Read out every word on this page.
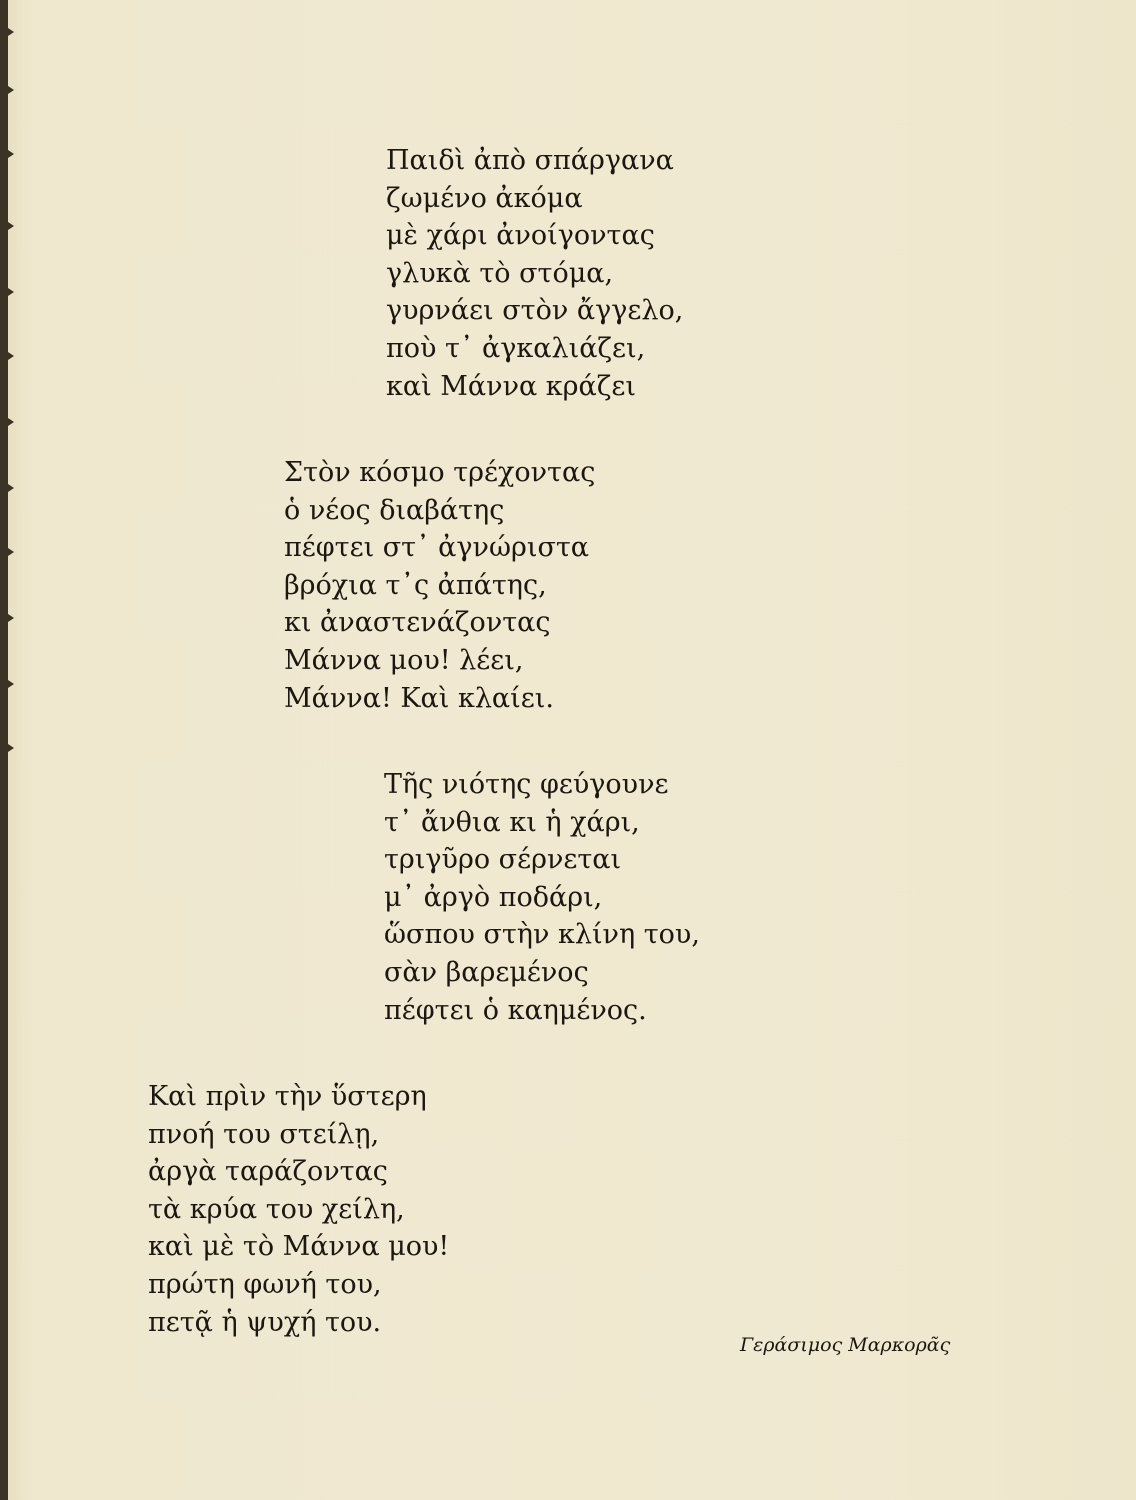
Παιδὶ ἀπὸ σπάργανα
ζωμένο ἀκόμα
μὲ χάρι ἀνοίγοντας
γλυκὰ τὸ στόμα,
γυρνάει στὸν ἄγγελο,
ποὺ τ᾽ ἀγκαλιάζει,
καὶ Μάννα κράζει
Στὸν κόσμο τρέχοντας
ὁ νέος διαβάτης
πέφτει στ᾽ ἀγνώριστα
βρόχια τ᾽ς ἀπάτης,
κι ἀναστενάζοντας
Μάννα μου! λέει,
Μάννα! Καὶ κλαίει.
Τῆς νιότης φεύγουνε
τ᾽ ἄνθια κι ἡ χάρι,
τριγῦρο σέρνεται
μ᾽ ἀργὸ ποδάρι,
ὥσπου στὴν κλίνη του,
σὰν βαρεμένος
πέφτει ὁ καημένος.
Καὶ πρὶν τὴν ὕστερη
πνοή του στείλῃ,
ἀργὰ ταράζοντας
τὰ κρύα του χείλη,
καὶ μὲ τὸ Μάννα μου!
πρώτη φωνή του,
πετᾷ ἡ ψυχή του.
Γεράσιμος Μαρκορᾶς
